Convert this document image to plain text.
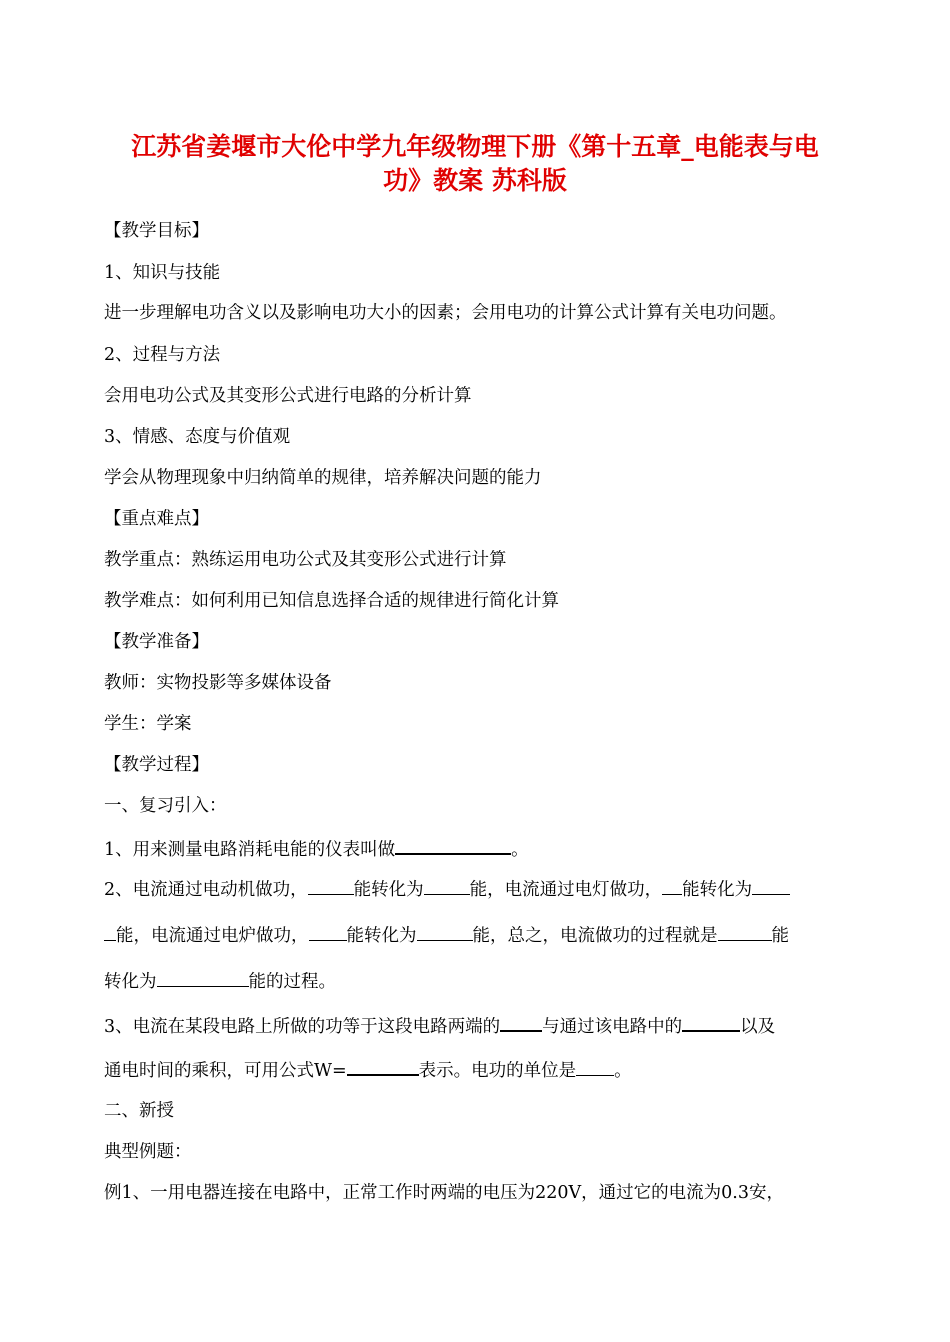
江苏省姜堰市大伦中学九年级物理下册《第十五章_电能表与电
功》教案 苏科版
【教学目标】
1、知识与技能
进一步理解电功含义以及影响电功大小的因素；会用电功的计算公式计算有关电功问题。
2、过程与方法
会用电功公式及其变形公式进行电路的分析计算
3、情感、态度与价值观
学会从物理现象中归纳简单的规律，培养解决问题的能力
【重点难点】
教学重点：熟练运用电功公式及其变形公式进行计算
教学难点：如何利用已知信息选择合适的规律进行简化计算
【教学准备】
教师：实物投影等多媒体设备
学生：学案
【教学过程】
一、复习引入：
1、用来测量电路消耗电能的仪表叫做	。
2、电流通过电动机做功，	能转化为	能，电流通过电灯做功， 能转化为
能，电流通过电炉做功， 能转化为	能，总之，电流做功的过程就是	能
转化为	能的过程。
3、电流在某段电路上所做的功等于这段电路两端的 与通过该电路中的	以及
通电时间的乘积，可用公式W=	表示。电功的单位是 。
二、新授
典型例题：
例1、一用电器连接在电路中，正常工作时两端的电压为220V，通过它的电流为0.3安，
